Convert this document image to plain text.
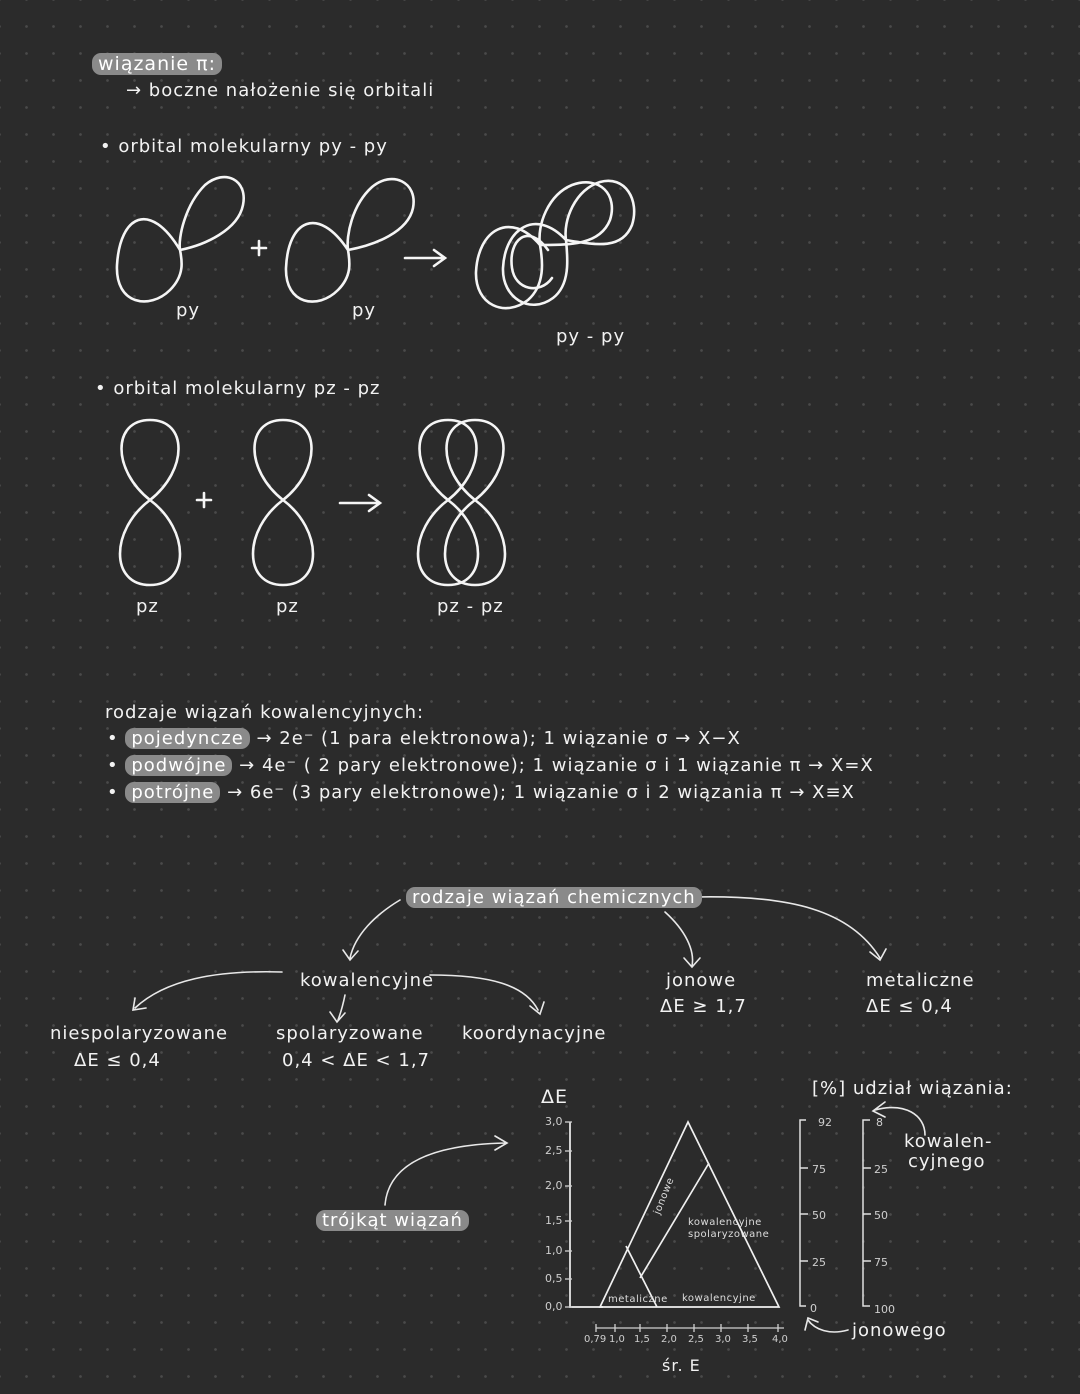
wiązanie π:
→ boczne nałożenie się orbitali
• orbital molekularny py - py
py	py
py - py
• orbital molekularny pz - pz
pz	pz	pz - pz
rodzaje wiązań kowalencyjnych:
• pojedyncze → 2e⁻ (1 para elektronowa); 1 wiązanie σ → X−X
• podwójne → 4e⁻ ( 2 pary elektronowe); 1 wiązanie σ i 1 wiązanie π → X=X
• potrójne → 6e⁻ (3 pary elektronowe); 1 wiązanie σ i 2 wiązania π → X≡X
rodzaje wiązań chemicznych
kowalencyjne	jonowe
ΔE ≥ 1,7
metaliczne
ΔE ≤ 0,4
niespolaryzowane
ΔE ≤ 0,4
spolaryzowane
0,4 < ΔE < 1,7
koordynacyjne
trójkąt wiązań
ΔE
3,0
2,5
2,0
1,5
1,0
0,5
0,0
0,79 1,0 1,5 2,0 2,5 3,0 3,5 4,0
śr. E
jonowe
kowalencyjne
spolaryzowane
metaliczne kowalencyjne
[%] udział wiązania:
92
75
50
25
0
8
25
50
75
100
kowalen-
cyjnego
jonowego
